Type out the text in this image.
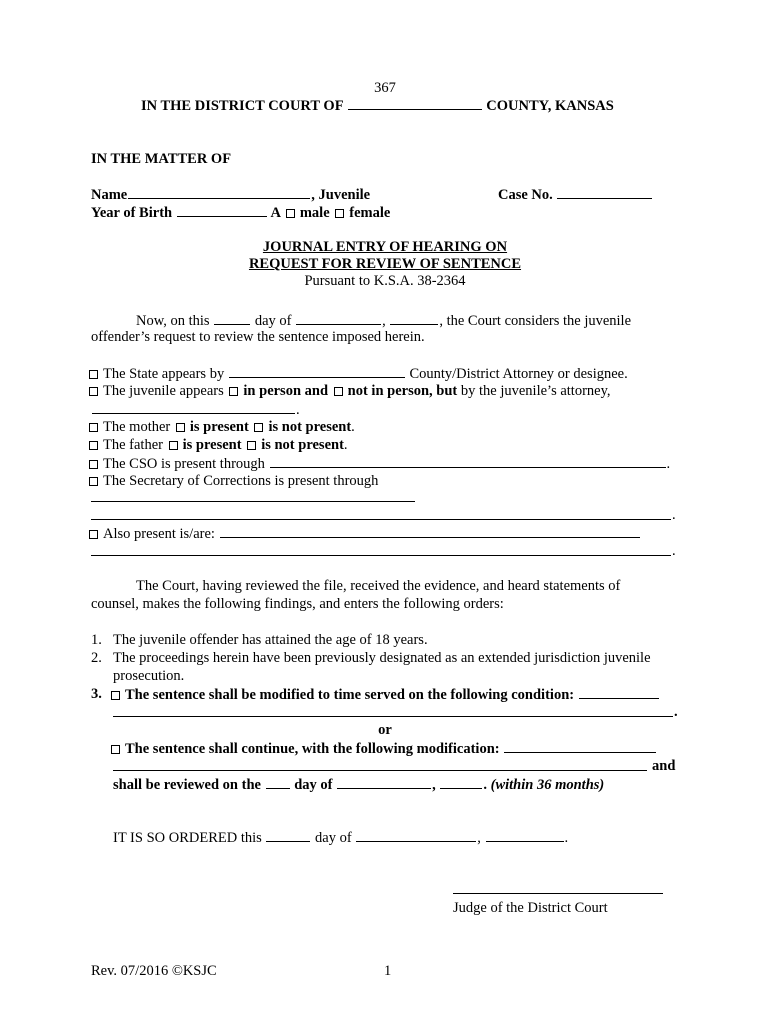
367
IN THE DISTRICT COURT OF	COUNTY, KANSAS
IN THE MATTER OF
Name	, Juvenile	Case No.
Year of Birth	A male female
JOURNAL ENTRY OF HEARING ON
REQUEST FOR REVIEW OF SENTENCE
Pursuant to K.S.A. 38-2364
Now, on this	day of	,	, the Court considers the juvenile
offender’s request to review the sentence imposed herein.
The State appears by	County/District Attorney or designee.
The juvenile appears in person and not in person, but by the juvenile’s attorney,
.
The mother is present is not present.
The father is present is not present.
The CSO is present through	.
The Secretary of Corrections is present through
.
Also present is/are:
.
The Court, having reviewed the file, received the evidence, and heard statements of
counsel, makes the following findings, and enters the following orders:
1. The juvenile offender has attained the age of 18 years.
2. The proceedings herein have been previously designated as an extended jurisdiction juvenile
prosecution.
3.	The sentence shall be modified to time served on the following condition:
.
or
The sentence shall continue, with the following modification:
and
shall be reviewed on the day of	,	. (within 36 months)
IT IS SO ORDERED this	day of	,	.
Judge of the District Court
Rev. 07/2016 ©KSJC	1
